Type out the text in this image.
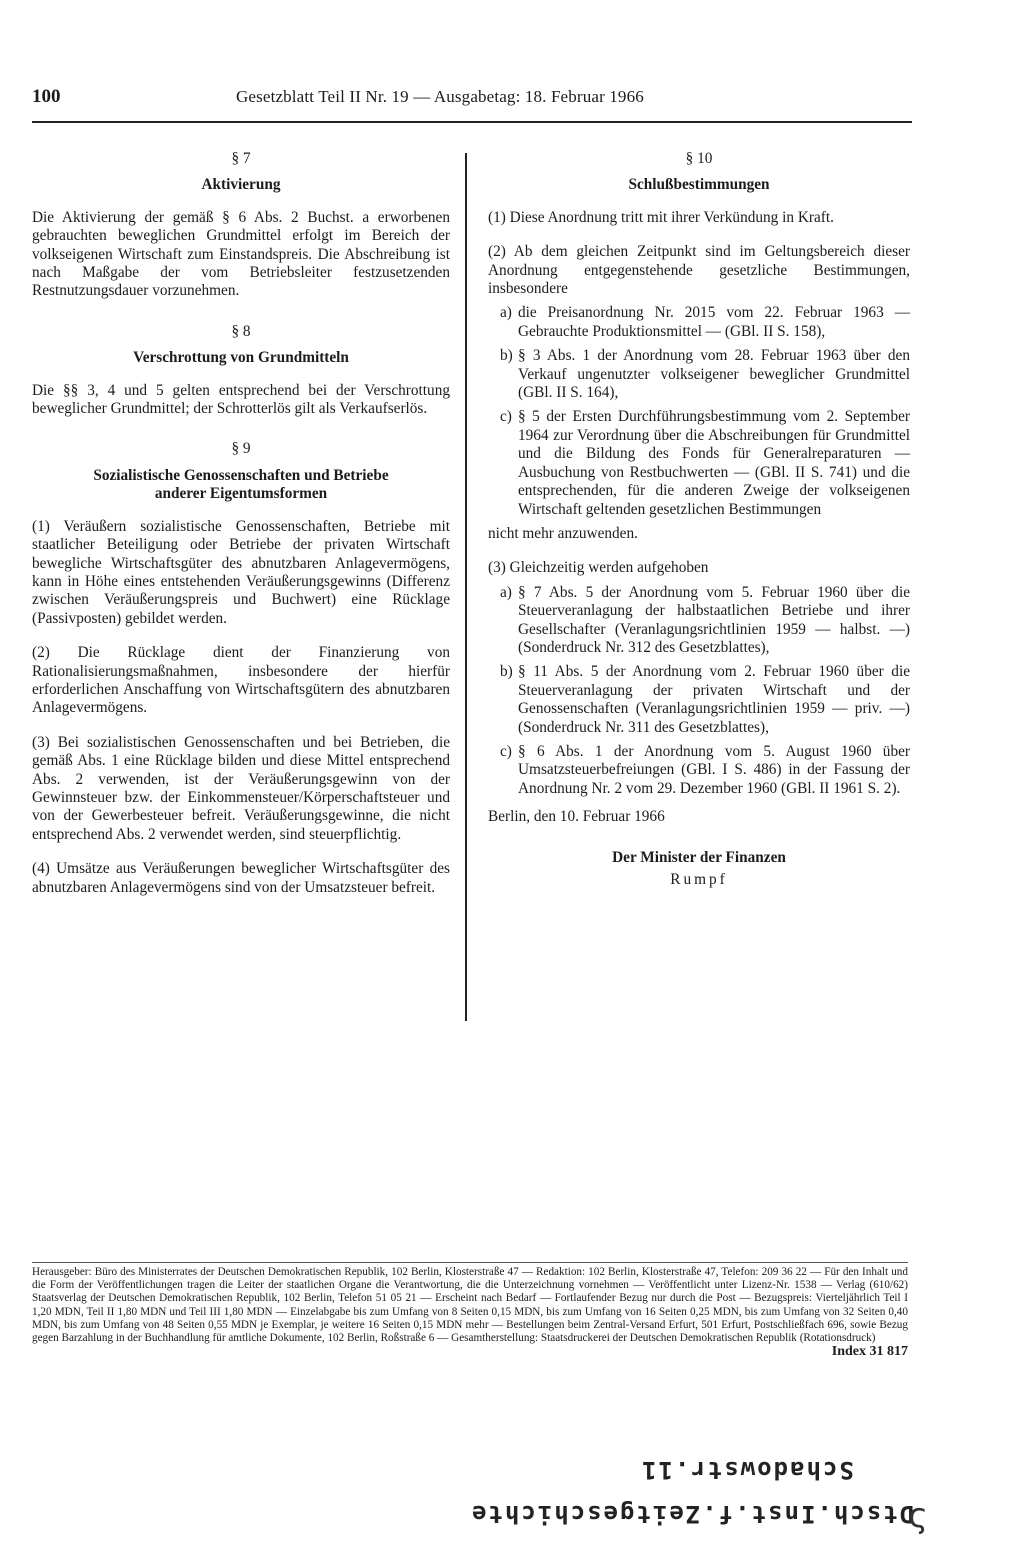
100	Gesetzblatt Teil II Nr. 19 — Ausgabetag: 18. Februar 1966
§ 7
Aktivierung

Die Aktivierung der gemäß § 6 Abs. 2 Buchst. a erworbenen gebrauchten beweglichen Grundmittel erfolgt im Bereich der volkseigenen Wirtschaft zum Einstandspreis. Die Abschreibung ist nach Maßgabe der vom Betriebsleiter festzusetzenden Restnutzungsdauer vorzunehmen.

§ 8
Verschrottung von Grundmitteln

Die §§ 3, 4 und 5 gelten entsprechend bei der Verschrottung beweglicher Grundmittel; der Schrotterlös gilt als Verkaufserlös.

§ 9
Sozialistische Genossenschaften und Betriebe anderer Eigentumsformen

(1) Veräußern sozialistische Genossenschaften, Betriebe mit staatlicher Beteiligung oder Betriebe der privaten Wirtschaft bewegliche Wirtschaftsgüter des abnutzbaren Anlagevermögens, kann in Höhe eines entstehenden Veräußerungsgewinns (Differenz zwischen Veräußerungspreis und Buchwert) eine Rücklage (Passivposten) gebildet werden.

(2) Die Rücklage dient der Finanzierung von Rationalisierungsmaßnahmen, insbesondere der hierfür erforderlichen Anschaffung von Wirtschaftsgütern des abnutzbaren Anlagevermögens.

(3) Bei sozialistischen Genossenschaften und bei Betrieben, die gemäß Abs. 1 eine Rücklage bilden und diese Mittel entsprechend Abs. 2 verwenden, ist der Veräußerungsgewinn von der Gewinnsteuer bzw. der Einkommensteuer/Körperschaftsteuer und von der Gewerbesteuer befreit. Veräußerungsgewinne, die nicht entsprechend Abs. 2 verwendet werden, sind steuerpflichtig.

(4) Umsätze aus Veräußerungen beweglicher Wirtschaftsgüter des abnutzbaren Anlagevermögens sind von der Umsatzsteuer befreit.

§ 10
Schlußbestimmungen

(1) Diese Anordnung tritt mit ihrer Verkündung in Kraft.

(2) Ab dem gleichen Zeitpunkt sind im Geltungsbereich dieser Anordnung entgegenstehende gesetzliche Bestimmungen, insbesondere

a) die Preisanordnung Nr. 2015 vom 22. Februar 1963 — Gebrauchte Produktionsmittel — (GBl. II S. 158),
b) § 3 Abs. 1 der Anordnung vom 28. Februar 1963 über den Verkauf ungenutzter volkseigener beweglicher Grundmittel (GBl. II S. 164),
c) § 5 der Ersten Durchführungsbestimmung vom 2. September 1964 zur Verordnung über die Abschreibungen für Grundmittel und die Bildung des Fonds für Generalreparaturen — Ausbuchung von Restbuchwerten — (GBl. II S. 741) und die entsprechenden, für die anderen Zweige der volkseigenen Wirtschaft geltenden gesetzlichen Bestimmungen

nicht mehr anzuwenden.

(3) Gleichzeitig werden aufgehoben

a) § 7 Abs. 5 der Anordnung vom 5. Februar 1960 über die Steuerveranlagung der halbstaatlichen Betriebe und ihrer Gesellschafter (Veranlagungsrichtlinien 1959 — halbst. —) (Sonderdruck Nr. 312 des Gesetzblattes),
b) § 11 Abs. 5 der Anordnung vom 2. Februar 1960 über die Steuerveranlagung der privaten Wirtschaft und der Genossenschaften (Veranlagungsrichtlinien 1959 — priv. —) (Sonderdruck Nr. 311 des Gesetzblattes),
c) § 6 Abs. 1 der Anordnung vom 5. August 1960 über Umsatzsteuerbefreiungen (GBl. I S. 486) in der Fassung der Anordnung Nr. 2 vom 29. Dezember 1960 (GBl. II 1961 S. 2).

Berlin, den 10. Februar 1966

Der Minister der Finanzen
Rumpf
Herausgeber: Büro des Ministerrates der Deutschen Demokratischen Republik, 102 Berlin, Klosterstraße 47 — Redaktion: 102 Berlin, Klosterstraße 47, Telefon: 209 36 22 — Für den Inhalt und die Form der Veröffentlichungen tragen die Leiter der staatlichen Organe die Verantwortung, die die Unterzeichnung vornehmen — Veröffentlicht unter Lizenz-Nr. 1538 — Verlag (610/62) Staatsverlag der Deutschen Demokratischen Republik, 102 Berlin, Telefon 51 05 21 — Erscheint nach Bedarf — Fortlaufender Bezug nur durch die Post — Bezugspreis: Vierteljährlich Teil I 1,20 MDN, Teil II 1,80 MDN und Teil III 1,80 MDN — Einzelabgabe bis zum Umfang von 8 Seiten 0,15 MDN, bis zum Umfang von 16 Seiten 0,25 MDN, bis zum Umfang von 32 Seiten 0,40 MDN, bis zum Umfang von 48 Seiten 0,55 MDN je Exemplar, je weitere 16 Seiten 0,15 MDN mehr — Bestellungen beim Zentral-Versand Erfurt, 501 Erfurt, Postschließfach 696, sowie Bezug gegen Barzahlung in der Buchhandlung für amtliche Dokumente, 102 Berlin, Roßstraße 6 — Gesamtherstellung: Staatsdruckerei der Deutschen Demokratischen Republik (Rotationsdruck)
Index 31 817
Schadowstr.11
Dtsch.Inst.f.Zeitgeschichte
ς
